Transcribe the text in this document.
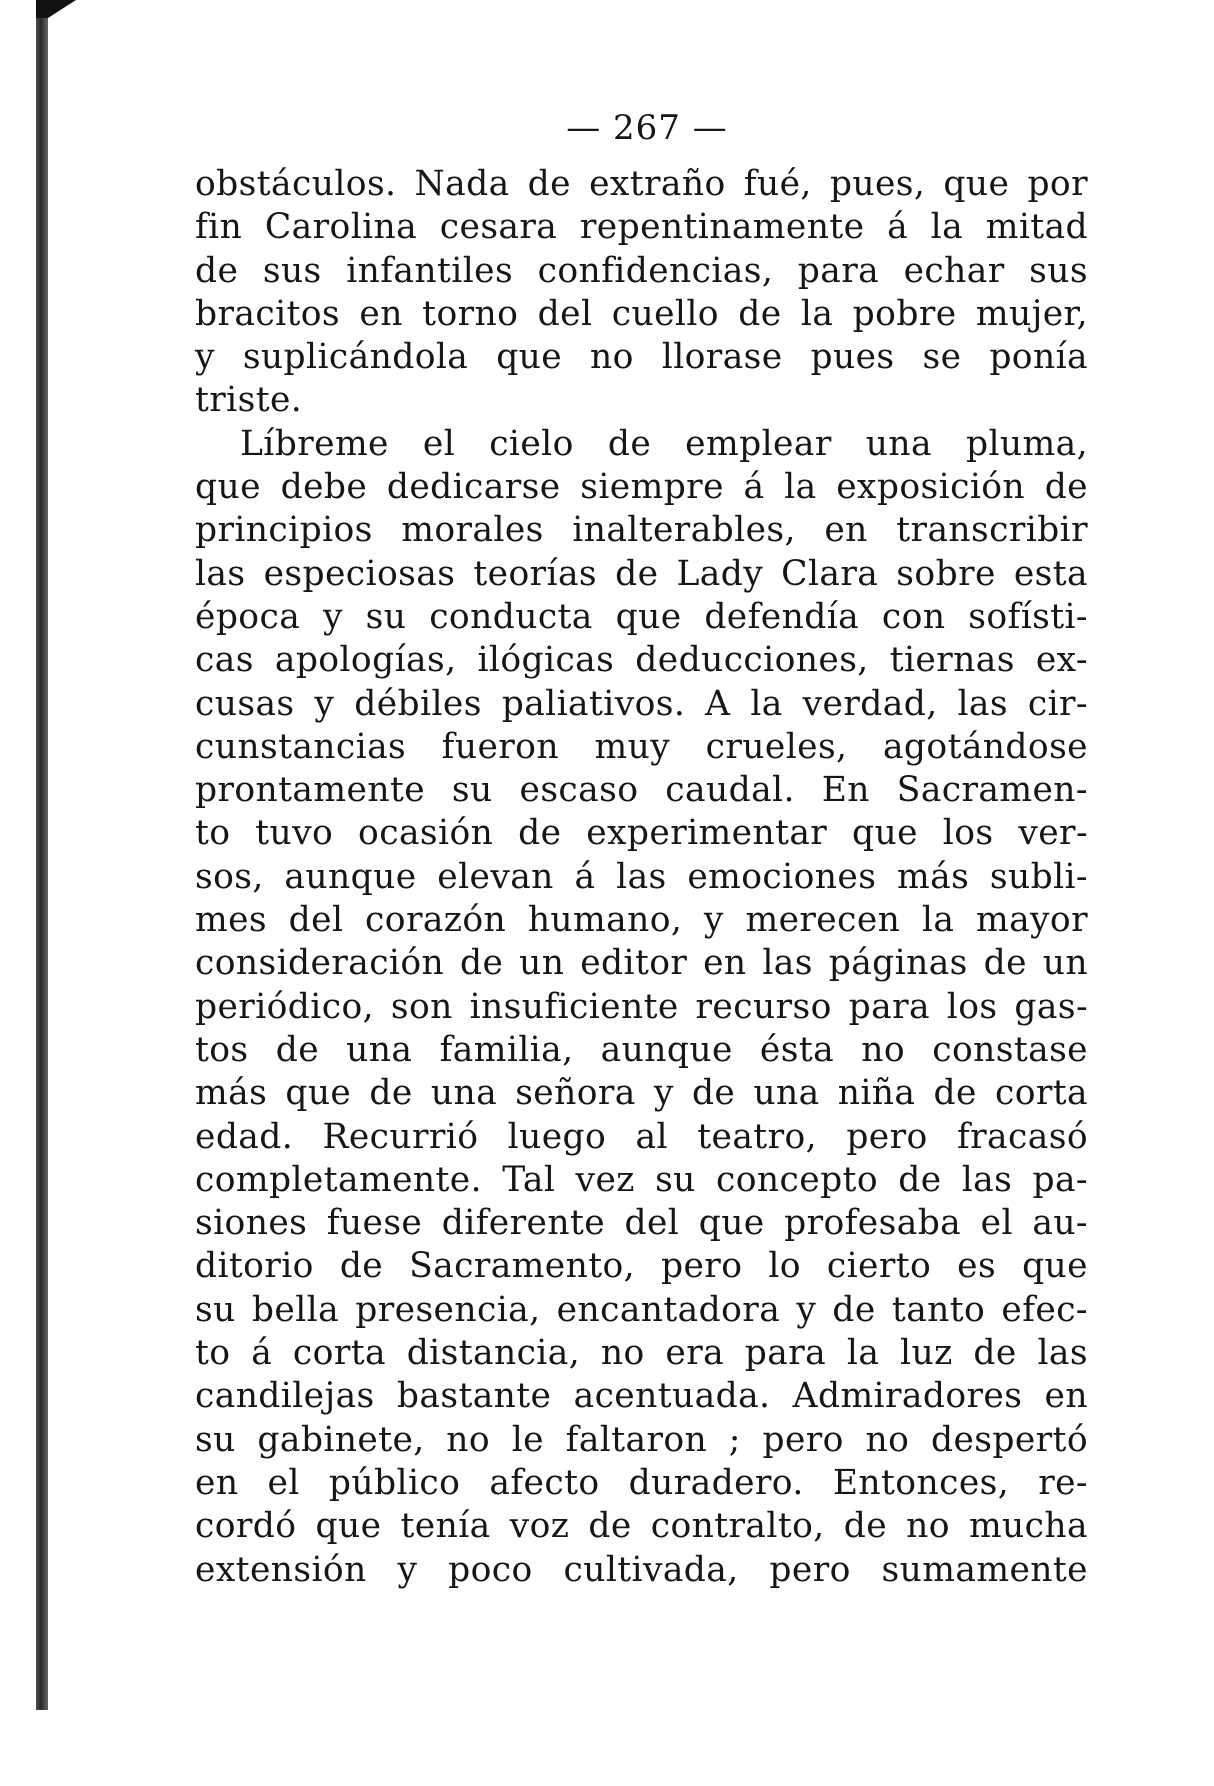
— 267 —
obstáculos. Nada de extraño fué, pues, que por
fin Carolina cesara repentinamente á la mitad
de sus infantiles confidencias, para echar sus
bracitos en torno del cuello de la pobre mujer,
y suplicándola que no llorase pues se ponía
triste.
Líbreme el cielo de emplear una pluma,
que debe dedicarse siempre á la exposición de
principios morales inalterables, en transcribir
las especiosas teorías de Lady Clara sobre esta
época y su conducta que defendía con sofísti-
cas apologías, ilógicas deducciones, tiernas ex-
cusas y débiles paliativos. A la verdad, las cir-
cunstancias fueron muy crueles, agotándose
prontamente su escaso caudal. En Sacramen-
to tuvo ocasión de experimentar que los ver-
sos, aunque elevan á las emociones más subli-
mes del corazón humano, y merecen la mayor
consideración de un editor en las páginas de un
periódico, son insuficiente recurso para los gas-
tos de una familia, aunque ésta no constase
más que de una señora y de una niña de corta
edad. Recurrió luego al teatro, pero fracasó
completamente. Tal vez su concepto de las pa-
siones fuese diferente del que profesaba el au-
ditorio de Sacramento, pero lo cierto es que
su bella presencia, encantadora y de tanto efec-
to á corta distancia, no era para la luz de las
candilejas bastante acentuada. Admiradores en
su gabinete, no le faltaron ; pero no despertó
en el público afecto duradero. Entonces, re-
cordó que tenía voz de contralto, de no mucha
extensión y poco cultivada, pero sumamente
